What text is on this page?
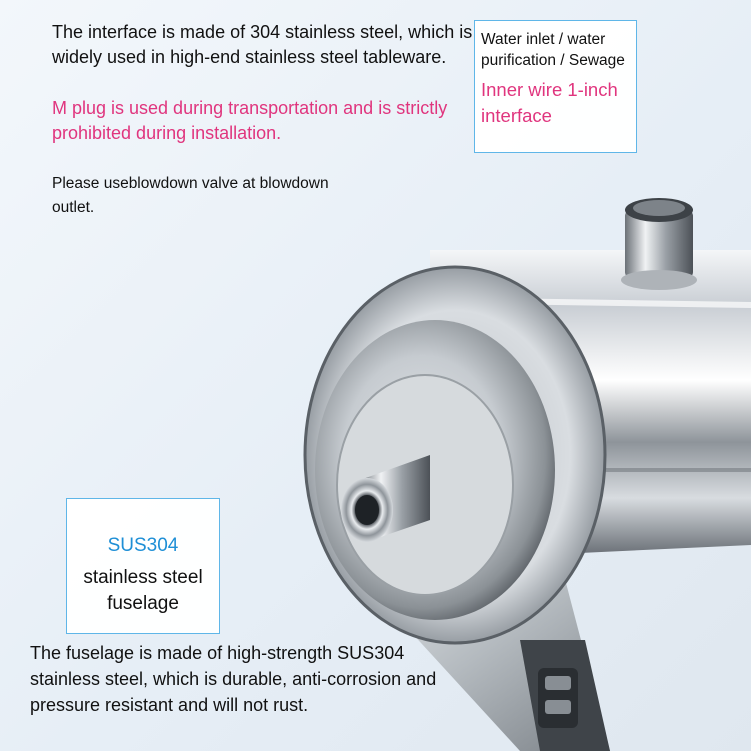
The interface is made of 304 stainless steel, which is widely used in high-end stainless steel tableware.

M plug is used during transportation and is strictly prohibited during installation.

Please useblowdown valve at blowdown outlet.

Water inlet / water purification / Sewage
Inner wire 1-inch interface
SUS304
stainless steel fuselage

The fuselage is made of high-strength SUS304 stainless steel, which is durable, anti-corrosion and pressure resistant and will not rust.
